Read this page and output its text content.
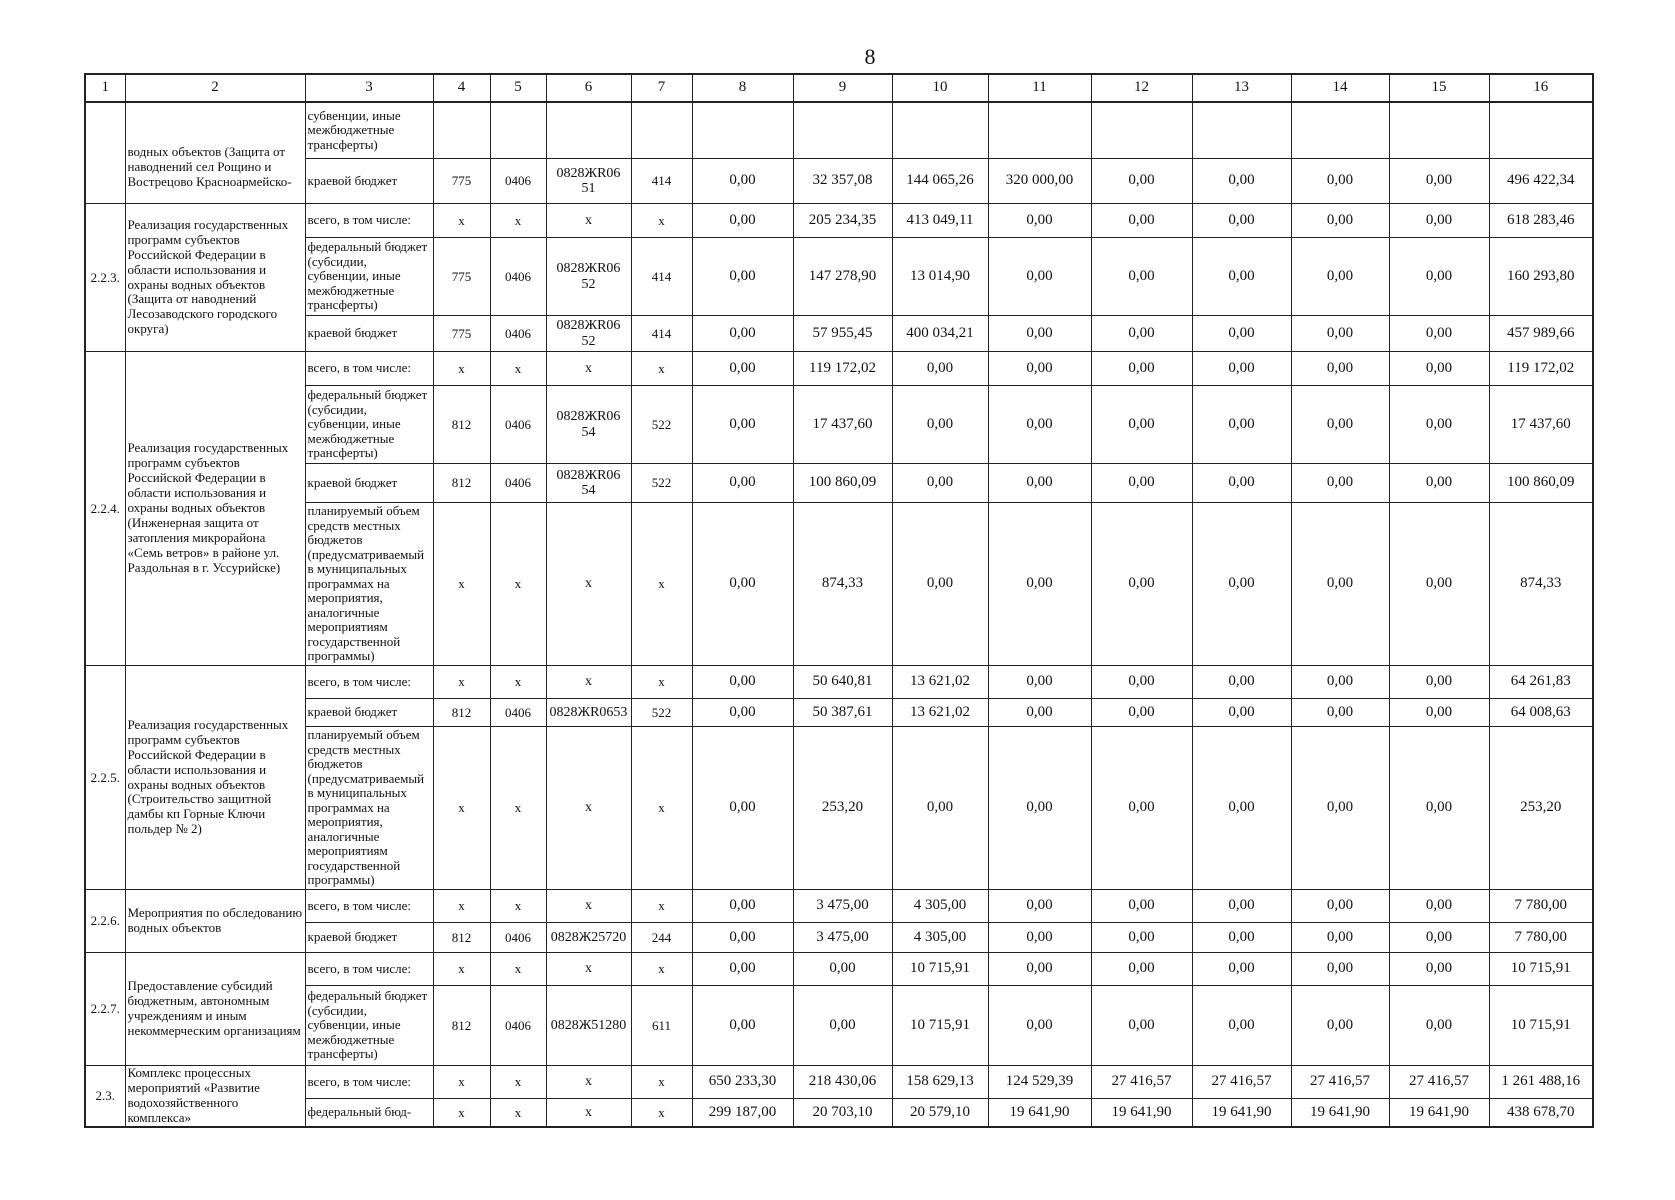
8
1	2	3	4	5	6	7	8	9	10	11	12	13	14	15	16

	водных объектов (Защита от наводнений сел Рощино и Вострецово Красноармейско-	субвенции, иные межбюджетные трансферты)													
		краевой бюджет	775	0406	0828ЖR06 51	414	0,00	32 357,08	144 065,26	320 000,00	0,00	0,00	0,00	0,00	496 422,34
2.2.3.	Реализация государственных программ субъектов Российской Федерации в области использования и охраны водных объектов (Защита от наводнений Лесозаводского городского округа)	всего, в том числе:	x	x	x	x	0,00	205 234,35	413 049,11	0,00	0,00	0,00	0,00	0,00	618 283,46
		федеральный бюджет (субсидии, субвенции, иные межбюджетные трансферты)	775	0406	0828ЖR06 52	414	0,00	147 278,90	13 014,90	0,00	0,00	0,00	0,00	0,00	160 293,80
		краевой бюджет	775	0406	0828ЖR06 52	414	0,00	57 955,45	400 034,21	0,00	0,00	0,00	0,00	0,00	457 989,66
2.2.4.	Реализация государственных программ субъектов Российской Федерации в области использования и охраны водных объектов (Инженерная защита от затопления микрорайона «Семь ветров» в районе ул. Раздольная в г. Уссурийске)	всего, в том числе:	x	x	x	x	0,00	119 172,02	0,00	0,00	0,00	0,00	0,00	0,00	119 172,02
		федеральный бюджет (субсидии, субвенции, иные межбюджетные трансферты)	812	0406	0828ЖR06 54	522	0,00	17 437,60	0,00	0,00	0,00	0,00	0,00	0,00	17 437,60
		краевой бюджет	812	0406	0828ЖR06 54	522	0,00	100 860,09	0,00	0,00	0,00	0,00	0,00	0,00	100 860,09
		планируемый объем средств местных бюджетов (предусматриваемый в муниципальных программах на мероприятия, аналогичные мероприятиям государственной программы)	x	x	x	x	0,00	874,33	0,00	0,00	0,00	0,00	0,00	0,00	874,33
2.2.5.	Реализация государственных программ субъектов Российской Федерации в области использования и охраны водных объектов (Строительство защитной дамбы кп Горные Ключи польдер № 2)	всего, в том числе:	x	x	x	x	0,00	50 640,81	13 621,02	0,00	0,00	0,00	0,00	0,00	64 261,83
		краевой бюджет	812	0406	0828ЖR0653	522	0,00	50 387,61	13 621,02	0,00	0,00	0,00	0,00	0,00	64 008,63
		планируемый объем средств местных бюджетов (предусматриваемый в муниципальных программах на мероприятия, аналогичные мероприятиям государственной программы)	x	x	x	x	0,00	253,20	0,00	0,00	0,00	0,00	0,00	0,00	253,20
2.2.6.	Мероприятия по обследованию водных объектов	всего, в том числе:	x	x	x	x	0,00	3 475,00	4 305,00	0,00	0,00	0,00	0,00	0,00	7 780,00
		краевой бюджет	812	0406	0828Ж25720	244	0,00	3 475,00	4 305,00	0,00	0,00	0,00	0,00	0,00	7 780,00
2.2.7.	Предоставление субсидий бюджетным, автономным учреждениям и иным некоммерческим организациям	всего, в том числе:	x	x	x	x	0,00	0,00	10 715,91	0,00	0,00	0,00	0,00	0,00	10 715,91
		федеральный бюджет (субсидии, субвенции, иные межбюджетные трансферты)	812	0406	0828Ж51280	611	0,00	0,00	10 715,91	0,00	0,00	0,00	0,00	0,00	10 715,91
2.3.	Комплекс процессных мероприятий «Развитие водохозяйственного комплекса»	всего, в том числе:	x	x	x	x	650 233,30	218 430,06	158 629,13	124 529,39	27 416,57	27 416,57	27 416,57	27 416,57	1 261 488,16
		федеральный бюд-	x	x	x	x	299 187,00	20 703,10	20 579,10	19 641,90	19 641,90	19 641,90	19 641,90	19 641,90	438 678,70
